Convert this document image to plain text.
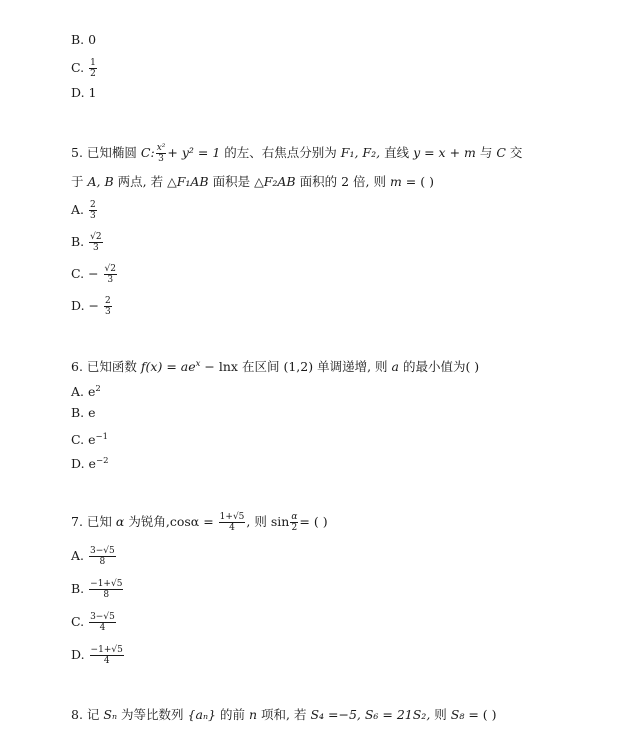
B. 0
C. $\frac{1}{2}$
D. 1
5. 已知椭圆 C: $\frac{\text{x²}}{3} + y^2 = 1$ 的左、右焦点分别为 F₁, F₂, 直线 y = x + m 与 C 交
于 A, B 两点, 若 △F₁AB 面积是 △F₂AB 面积的 2 倍, 则 m = ( )
A. $\frac{2}{3}$
B. $\frac{√2}{3}$
C. − $\frac{√2}{3}$
D. − $\frac{2}{3}$
6. 已知函数 $f(x) = ae^x - \ln x$ 在区间 (1,2) 单调递增, 则 a 的最小值为( )
A. $e^2$
B. e
C. $e^{-1}$
D. $e^{-2}$
7. 已知 α 为锐角$,\cos\alpha = \frac{1+√5}{4}$ , 则 $\sin \frac{\alpha}{2}$ = ( )
A. $\frac{3-√5}{8}$
B. $\frac{-1+√5}{8}$
C. $\frac{3-√5}{4}$
D. $\frac{-1+√5}{4}$
8. 记 Sₙ 为等比数列 {aₙ} 的前 n 项和, 若 S₄ =−5, S₆ = 21S₂, 则 S₈ = ( )
